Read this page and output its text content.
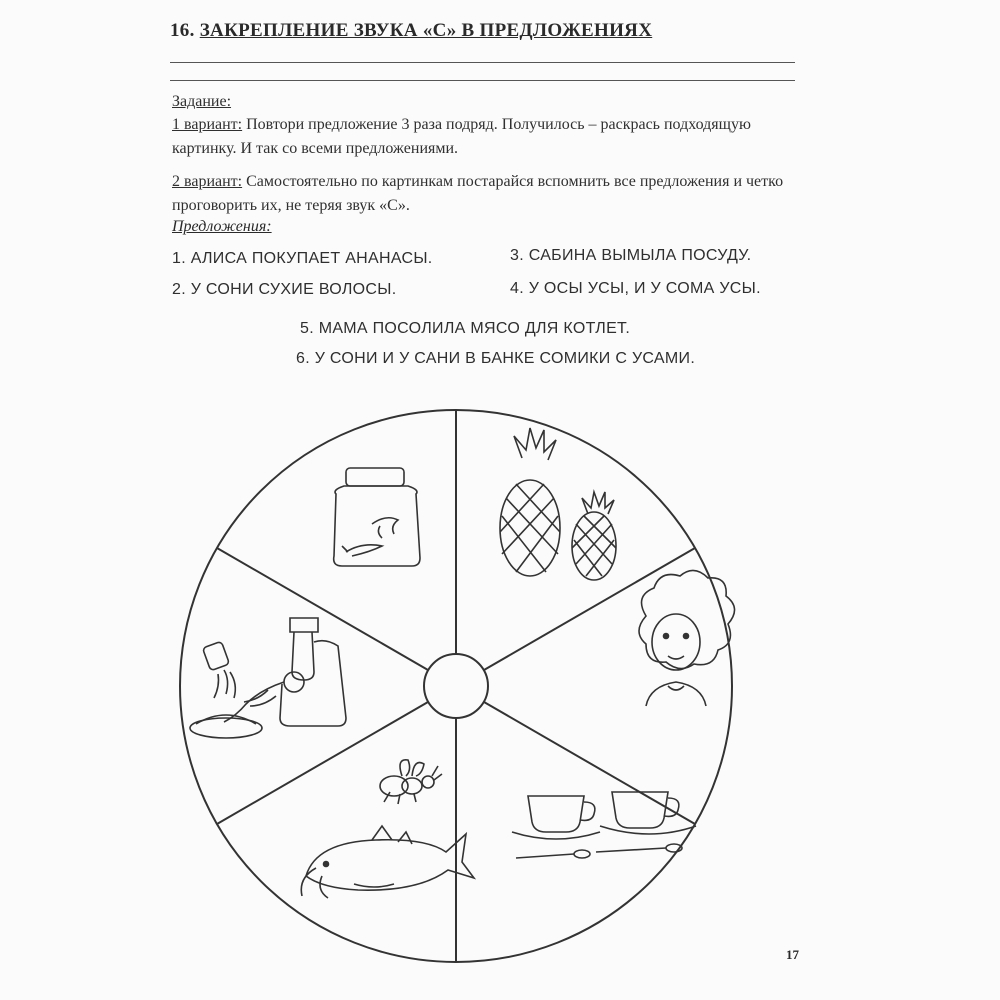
16. ЗАКРЕПЛЕНИЕ ЗВУКА «С» В ПРЕДЛОЖЕНИЯХ
Задание:
1 вариант: Повтори предложение 3 раза подряд. Получилось – раскрась подходящую картинку. И так со всеми предложениями.
2 вариант: Самостоятельно по картинкам постарайся вспомнить все предложения и четко проговорить их, не теряя звук «С».
Предложения:
1. АЛИСА ПОКУПАЕТ АНАНАСЫ.
2. У СОНИ СУХИЕ ВОЛОСЫ.
3. САБИНА ВЫМЫЛА ПОСУДУ.
4. У ОСЫ УСЫ, И У СОМА УСЫ.
5. МАМА ПОСОЛИЛА МЯСО ДЛЯ КОТЛЕТ.
6. У СОНИ И У САНИ В БАНКЕ СОМИКИ С УСАМИ.
17
